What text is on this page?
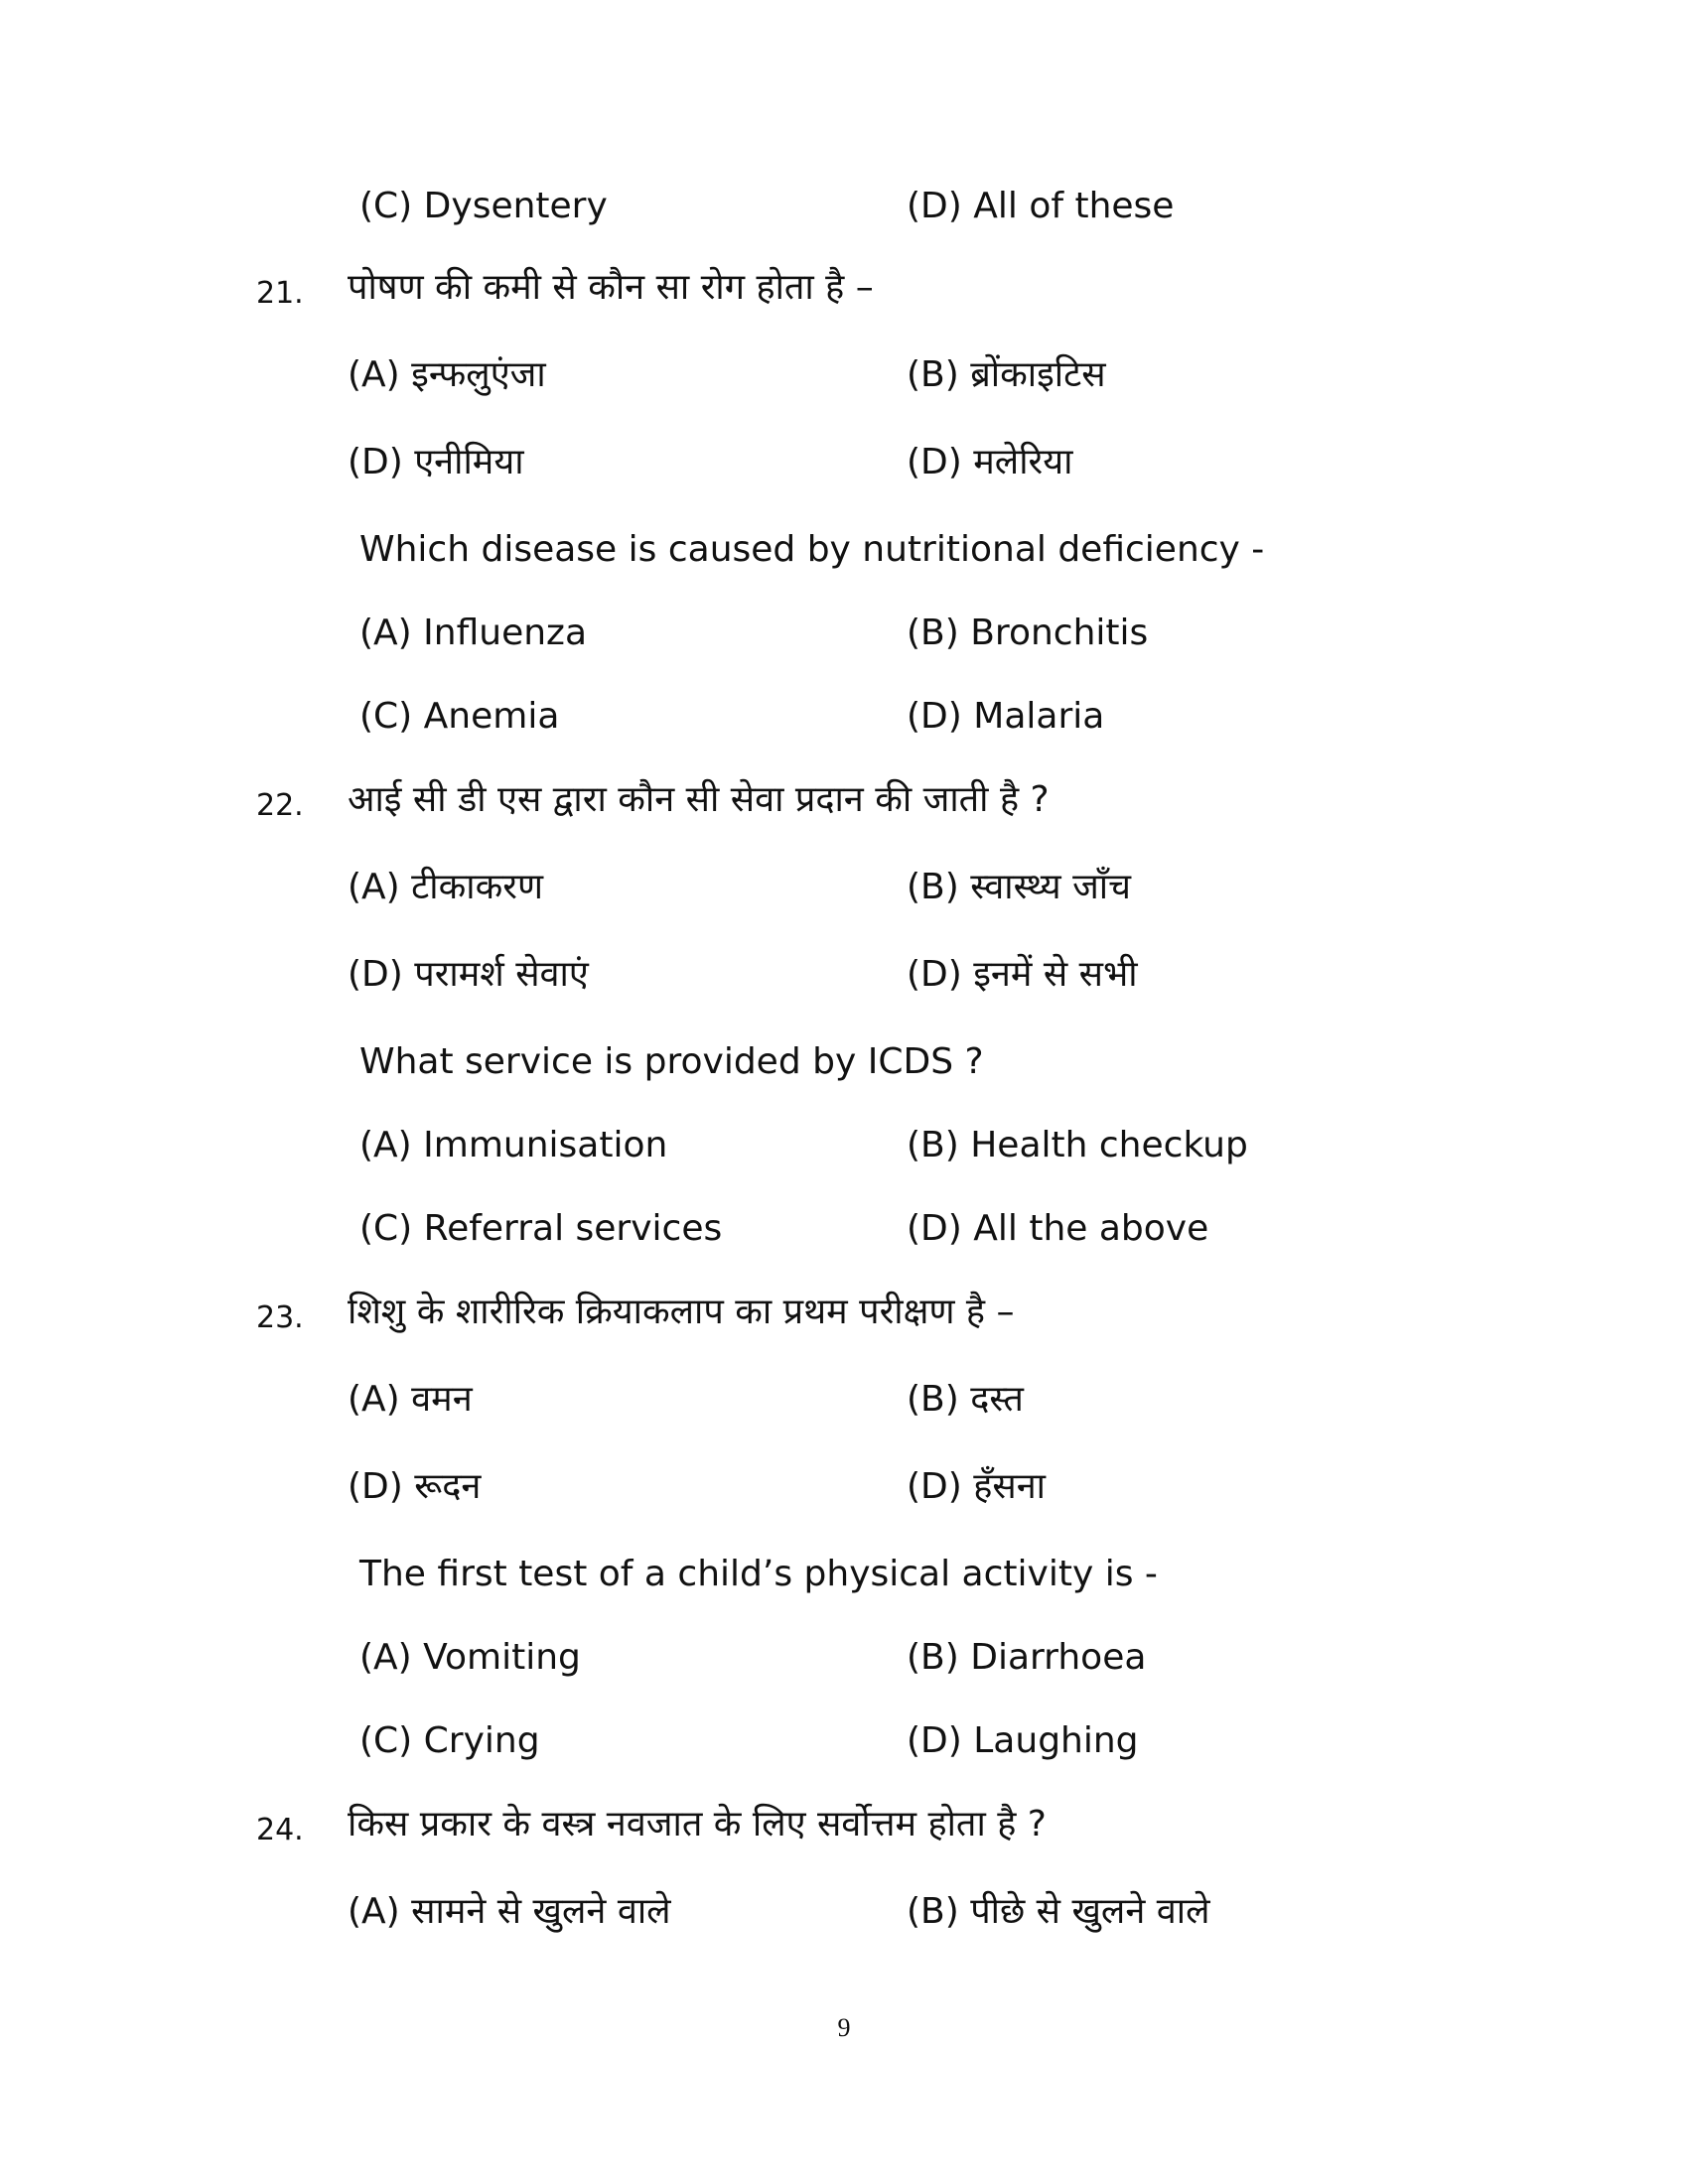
(C) Dysentery	(D) All of these
21. पोषण की कमी से कौन सा रोग होता है –
(A) इन्फलुएंजा	(B) ब्रोंकाइटिस
(D) एनीमिया	(D) मलेरिया
Which disease is caused by nutritional deficiency -
(A) Influenza	(B) Bronchitis
(C) Anemia	(D) Malaria
22. आई सी डी एस द्वारा कौन सी सेवा प्रदान की जाती है ?
(A) टीकाकरण	(B) स्वास्थ्य जाँच
(D) परामर्श सेवाएं	(D) इनमें से सभी
What service is provided by ICDS ?
(A) Immunisation	(B) Health checkup
(C) Referral services	(D) All the above
23. शिशु के शारीरिक क्रियाकलाप का प्रथम परीक्षण है –
(A) वमन	(B) दस्त
(D) रूदन	(D) हँसना
The first test of a child’s physical activity is -
(A) Vomiting	(B) Diarrhoea
(C) Crying	(D) Laughing
24. किस प्रकार के वस्त्र नवजात के लिए सर्वोत्तम होता है ?
(A) सामने से खुलने वाले	(B) पीछे से खुलने वाले
9
